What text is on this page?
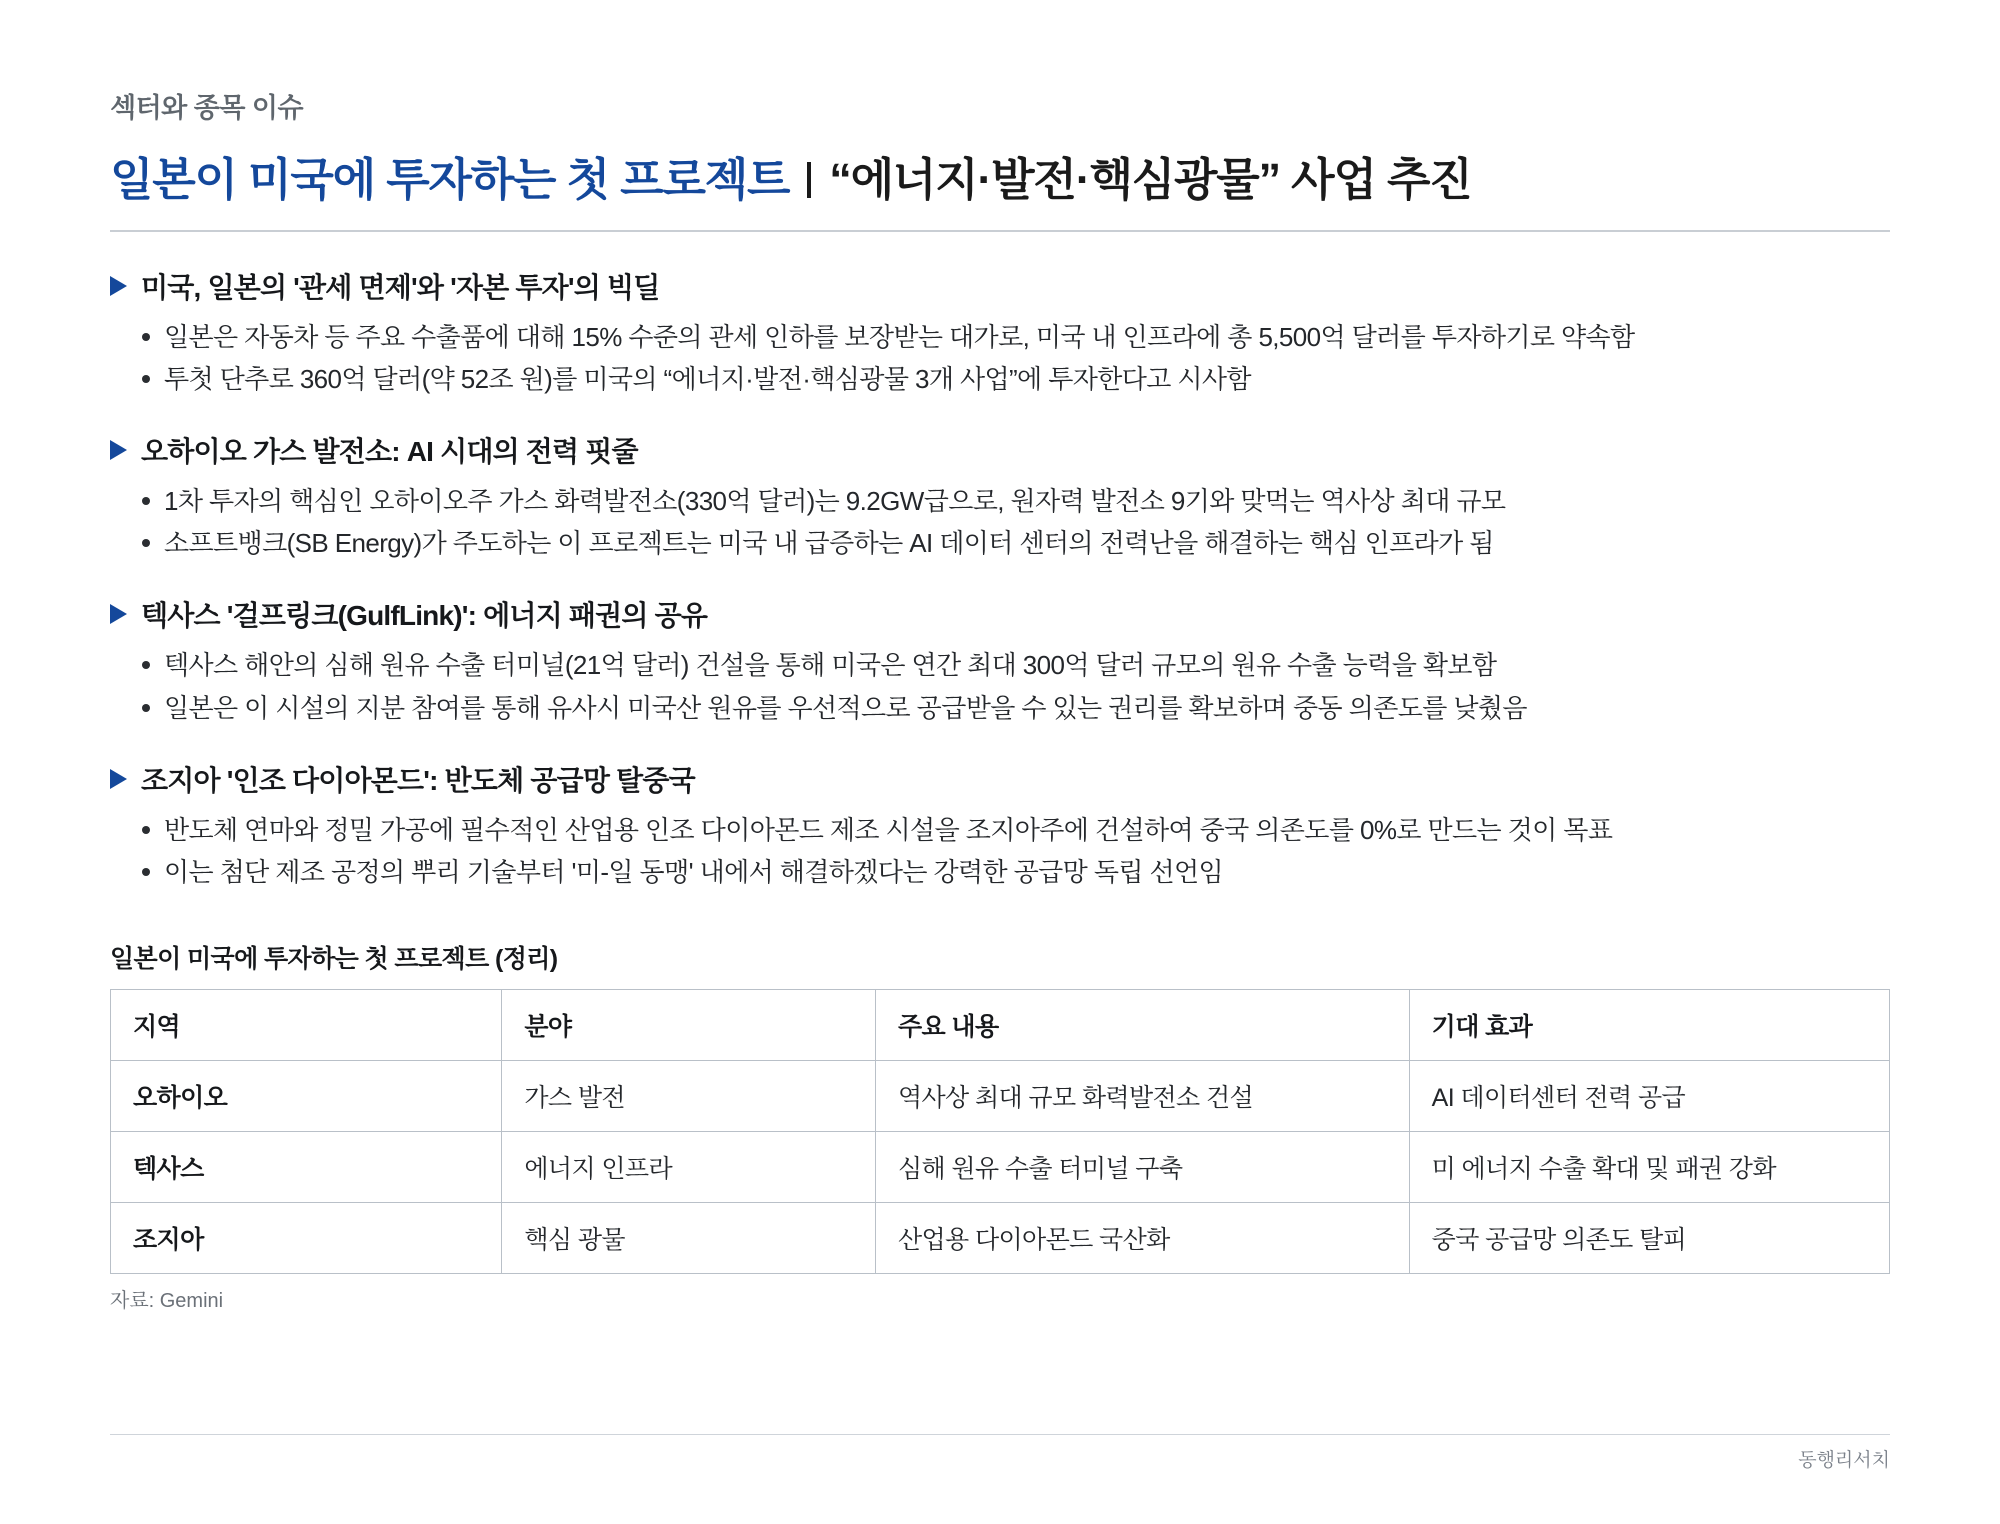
섹터와 종목 이슈
일본이 미국에 투자하는 첫 프로젝트 “에너지·발전·핵심광물” 사업 추진
미국, 일본의 '관세 면제'와 '자본 투자'의 빅딜
일본은 자동차 등 주요 수출품에 대해 15% 수준의 관세 인하를 보장받는 대가로, 미국 내 인프라에 총 5,500억 달러를 투자하기로 약속함
투첫 단추로 360억 달러(약 52조 원)를 미국의 “에너지·발전·핵심광물 3개 사업”에 투자한다고 시사함
오하이오 가스 발전소: AI 시대의 전력 핏줄
1차 투자의 핵심인 오하이오주 가스 화력발전소(330억 달러)는 9.2GW급으로, 원자력 발전소 9기와 맞먹는 역사상 최대 규모
소프트뱅크(SB Energy)가 주도하는 이 프로젝트는 미국 내 급증하는 AI 데이터 센터의 전력난을 해결하는 핵심 인프라가 됨
텍사스 '걸프링크(GulfLink)': 에너지 패권의 공유
텍사스 해안의 심해 원유 수출 터미널(21억 달러) 건설을 통해 미국은 연간 최대 300억 달러 규모의 원유 수출 능력을 확보함
일본은 이 시설의 지분 참여를 통해 유사시 미국산 원유를 우선적으로 공급받을 수 있는 권리를 확보하며 중동 의존도를 낮췄음
조지아 '인조 다이아몬드': 반도체 공급망 탈중국
반도체 연마와 정밀 가공에 필수적인 산업용 인조 다이아몬드 제조 시설을 조지아주에 건설하여 중국 의존도를 0%로 만드는 것이 목표
이는 첨단 제조 공정의 뿌리 기술부터 '미-일 동맹' 내에서 해결하겠다는 강력한 공급망 독립 선언임
일본이 미국에 투자하는 첫 프로젝트 (정리)
지역	분야	주요 내용	기대 효과
오하이오	가스 발전	역사상 최대 규모 화력발전소 건설	AI 데이터센터 전력 공급
텍사스	에너지 인프라	심해 원유 수출 터미널 구축	미 에너지 수출 확대 및 패권 강화
조지아	핵심 광물	산업용 다이아몬드 국산화	중국 공급망 의존도 탈피
자료: Gemini
동행리서치
